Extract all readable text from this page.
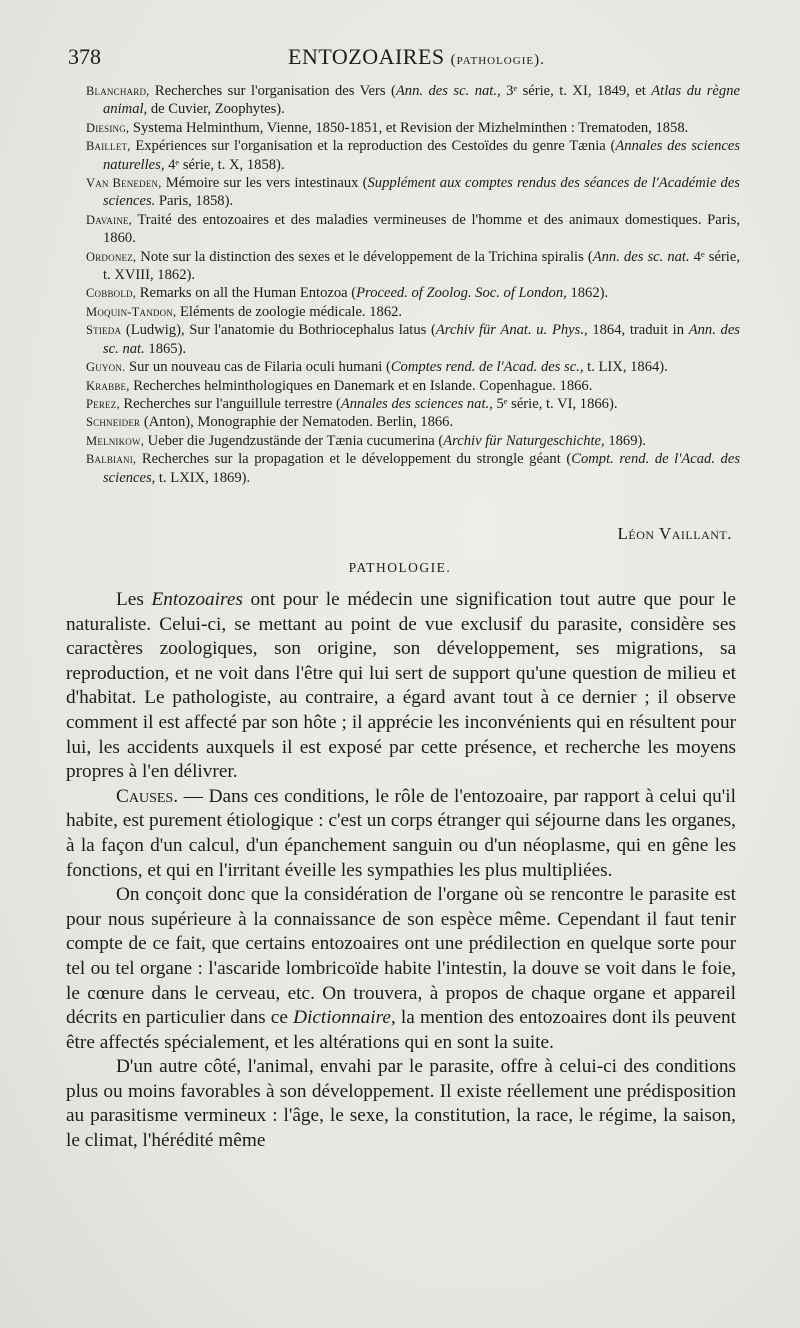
378	ENTOZOAIRES (pathologie).

Blanchard, Recherches sur l'organisation des Vers (Ann. des sc. nat., 3ᵉ série, t. XI, 1849, et Atlas du règne animal, de Cuvier, Zoophytes).

Diesing, Systema Helminthum, Vienne, 1850-1851, et Revision der Mizhelminthen : Trematoden, 1858.

Baillet, Expériences sur l'organisation et la reproduction des Cestoïdes du genre Tænia (Annales des sciences naturelles, 4ᵉ série, t. X, 1858).

Van Beneden, Mémoire sur les vers intestinaux (Supplément aux comptes rendus des séances de l'Académie des sciences. Paris, 1858).

Davaine, Traité des entozoaires et des maladies vermineuses de l'homme et des animaux domestiques. Paris, 1860.

Ordonez, Note sur la distinction des sexes et le développement de la Trichina spiralis (Ann. des sc. nat. 4ᵉ série, t. XVIII, 1862).

Cobbold, Remarks on all the Human Entozoa (Proceed. of Zoolog. Soc. of London, 1862).

Moquin-Tandon, Eléments de zoologie médicale. 1862.

Stieda (Ludwig), Sur l'anatomie du Bothriocephalus latus (Archiv für Anat. u. Phys., 1864, traduit in Ann. des sc. nat. 1865).

Guyon. Sur un nouveau cas de Filaria oculi humani (Comptes rend. de l'Acad. des sc., t. LIX, 1864).

Krabbe, Recherches helminthologiques en Danemark et en Islande. Copenhague. 1866.

Perez, Recherches sur l'anguillule terrestre (Annales des sciences nat., 5ᵉ série, t. VI, 1866).

Schneider (Anton), Monographie der Nematoden. Berlin, 1866.

Melnikow, Ueber die Jugendzustände der Tænia cucumerina (Archiv für Naturgeschichte, 1869).

Balbiani, Recherches sur la propagation et le développement du strongle géant (Compt. rend. de l'Acad. des sciences, t. LXIX, 1869).

Léon Vaillant.
PATHOLOGIE.

Les Entozoaires ont pour le médecin une signification tout autre que pour le naturaliste. Celui-ci, se mettant au point de vue exclusif du parasite, considère ses caractères zoologiques, son origine, son développement, ses migrations, sa reproduction, et ne voit dans l'être qui lui sert de support qu'une question de milieu et d'habitat. Le pathologiste, au contraire, a égard avant tout à ce dernier ; il observe comment il est affecté par son hôte ; il apprécie les inconvénients qui en résultent pour lui, les accidents auxquels il est exposé par cette présence, et recherche les moyens propres à l'en délivrer.

Causes. — Dans ces conditions, le rôle de l'entozoaire, par rapport à celui qu'il habite, est purement étiologique : c'est un corps étranger qui séjourne dans les organes, à la façon d'un calcul, d'un épanchement sanguin ou d'un néoplasme, qui en gêne les fonctions, et qui en l'irritant éveille les sympathies les plus multipliées.

On conçoit donc que la considération de l'organe où se rencontre le parasite est pour nous supérieure à la connaissance de son espèce même. Cependant il faut tenir compte de ce fait, que certains entozoaires ont une prédilection en quelque sorte pour tel ou tel organe : l'ascaride lombricoïde habite l'intestin, la douve se voit dans le foie, le cœnure dans le cerveau, etc. On trouvera, à propos de chaque organe et appareil décrits en particulier dans ce Dictionnaire, la mention des entozoaires dont ils peuvent être affectés spécialement, et les altérations qui en sont la suite.

D'un autre côté, l'animal, envahi par le parasite, offre à celui-ci des conditions plus ou moins favorables à son développement. Il existe réellement une prédisposition au parasitisme vermineux : l'âge, le sexe, la constitution, la race, le régime, la saison, le climat, l'hérédité même
